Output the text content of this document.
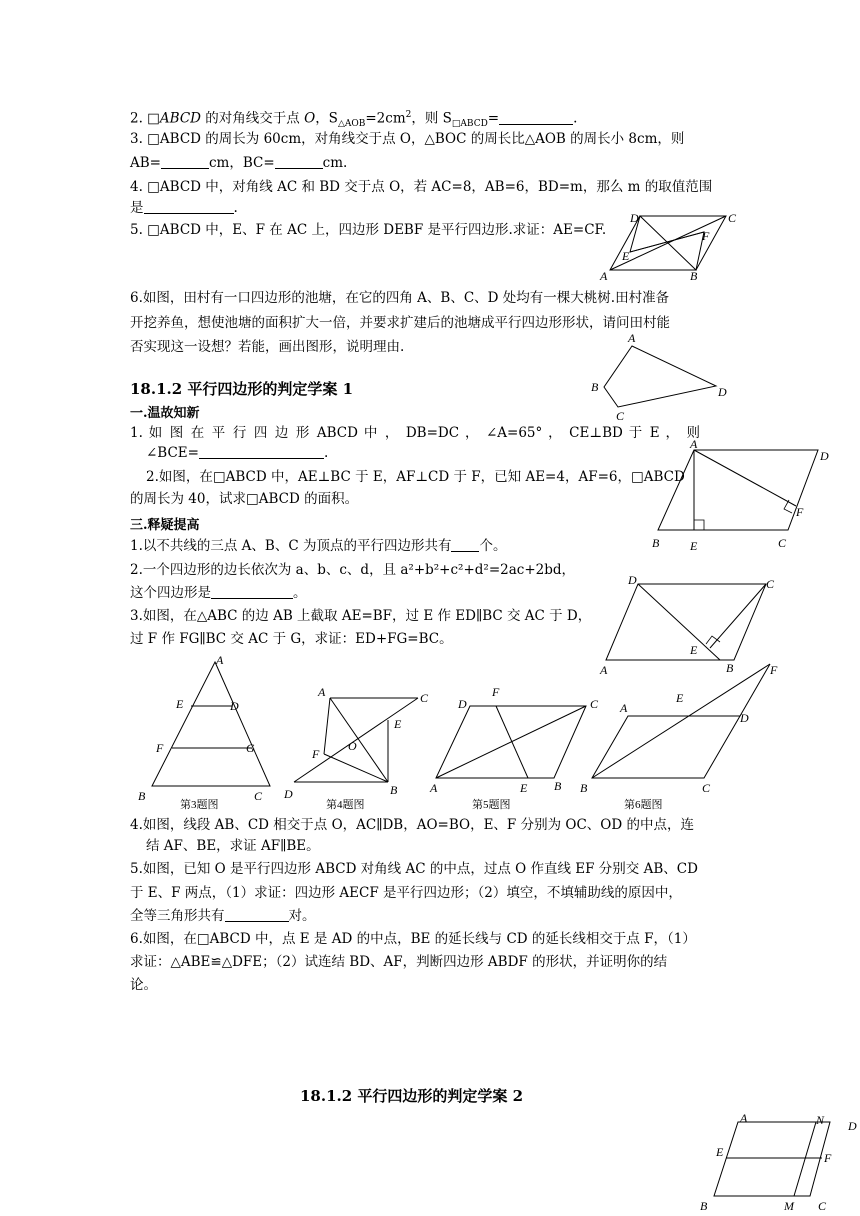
2. □ABCD 的对角线交于点 O，$S_{\triangle AOB}=2cm^2$，则 $S_{□ABCD}=$	.
3. □ABCD 的周长为 60cm，对角线交于点 O，△BOC 的周长比△AOB 的周长小 8cm，则
AB=	cm，BC=	cm.
4. □ABCD 中，对角线 AC 和 BD 交于点 O，若 AC=8，AB=6，BD=m，那么 m 的取值范围
是	.
5. □ABCD 中，E、F 在 AC 上，四边形 DEBF 是平行四边形.求证：AE=CF.
D	C
F
E
A	B
6.如图，田村有一口四边形的池塘，在它的四角 A、B、C、D 处均有一棵大桃树.田村准备
开挖养鱼，想使池塘的面积扩大一倍，并要求扩建后的池塘成平行四边形形状，请问田村能
否实现这一设想？若能，画出图形，说明理由.
A
B	D
C
18.1.2 平行四边形的判定学案 1
一.温故知新
1. 如 图 在 平 行 四 边 形 ABCD 中 ， DB=DC ， ∠A=65° ， CE⊥BD 于 E ， 则
∠BCE=	.
2.如图，在□ABCD 中，AE⊥BC 于 E，AF⊥CD 于 F，已知 AE=4，AF=6，□ABCD
的周长为 40，试求□ABCD 的面积。
A
D
F
B	E	C
三.释疑提高
1.以不共线的三点 A、B、C 为顶点的平行四边形共有 个。
2.一个四边形的边长依次为 a、b、c、d，且 a²+b²+c²+d²=2ac+2bd，
这个四边形是	。
3.如图，在△ABC 的边 AB 上截取 AE=BF，过 E 作 ED∥BC 交 AC 于 D，
过 F 作 FG∥BC 交 AC 于 G，求证：ED+FG=BC。
D	C
E
A	B
A
E	D
F	G
B	C
第3题图
A	C
E
O
F
D	B
第4题图
F
D	C
A	E B
第5题图
F
E
A
D
B	C
第6题图
4.如图，线段 AB、CD 相交于点 O，AC∥DB，AO=BO，E、F 分别为 OC、OD 的中点，连
结 AF、BE，求证 AF∥BE。
5.如图，已知 O 是平行四边形 ABCD 对角线 AC 的中点，过点 O 作直线 EF 分别交 AB、CD
于 E、F 两点，（1）求证：四边形 AECF 是平行四边形；（2）填空，不填辅助线的原因中，
全等三角形共有	对。
6.如图，在□ABCD 中，点 E 是 AD 的中点，BE 的延长线与 CD 的延长线相交于点 F，（1）
求证：△ABE≌△DFE；（2）试连结 BD、AF，判断四边形 ABDF 的形状，并证明你的结
论。
18.1.2 平行四边形的判定学案 2
A	N D
E	F
B	M C
